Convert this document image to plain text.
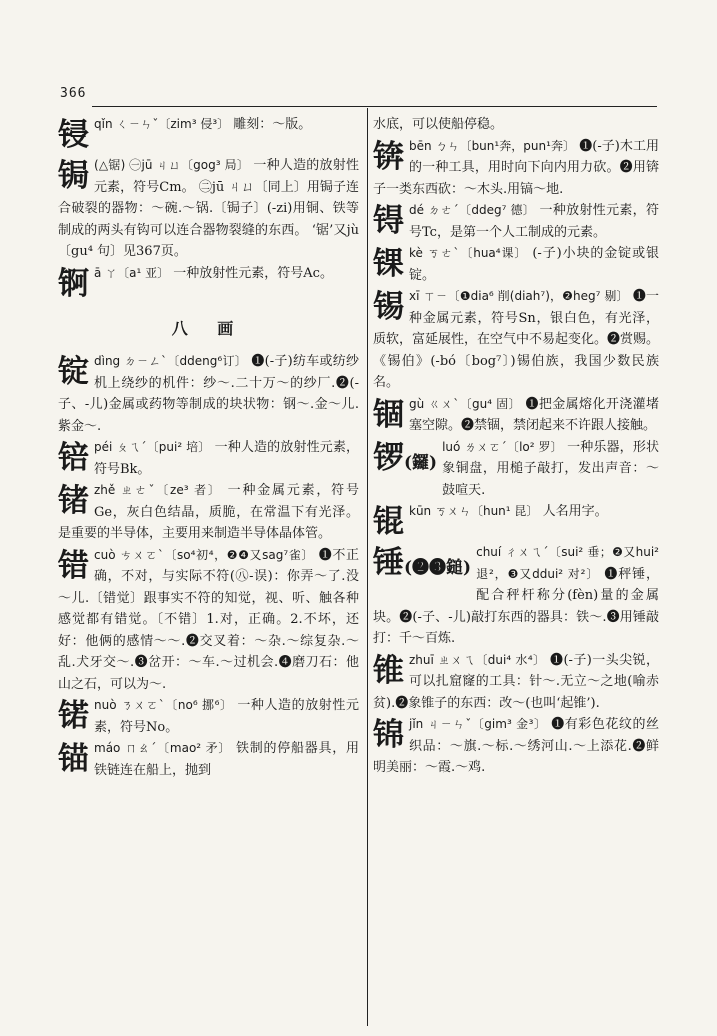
366
锓 qǐn ㄑㄧㄣˇ〔zim³ 侵³〕 雕刻：～版。
锔 (△锯) ㊀jū ㄐㄩ〔gog³ 局〕 一种人造的放射性元素，符号Cm。 ㊁jū ㄐㄩ〔同上〕用锔子连合破裂的器物：～碗.～锅.〔锔子〕(-zi)用铜、铁等制成的两头有钩可以连合器物裂缝的东西。 ‘锯’又jù〔gu⁴ 句〕见367页。
锕 ā ㄚ〔a¹ 亚〕 一种放射性元素，符号Ac。
八 画
锭 dìng ㄉㄧㄥˋ〔ddeng⁶订〕 ❶(-子)纺车或纺纱机上绕纱的机件：纱～.二十万～的纱厂.❷(-子、-儿)金属或药物等制成的块状物：钢～.金～儿.紫金～.
锫 péi ㄆㄟˊ〔pui² 培〕 一种人造的放射性元素，符号Bk。
锗 zhě ㄓㄜˇ〔ze³ 者〕 一种金属元素，符号Ge，灰白色结晶，质脆，在常温下有光泽。是重要的半导体，主要用来制造半导体晶体管。
错 cuò ㄘㄨㄛˋ〔so⁴初⁴，❷❹又sag⁷雀〕 ❶不正确，不对，与实际不符(㊇-误)：你弄～了.没～儿.〔错觉〕跟事实不符的知觉，视、听、触各种感觉都有错觉。〔不错〕1.对，正确。2.不坏，还好：他俩的感情～～.❷交叉着：～杂.～综复杂.～乱.犬牙交～.❸岔开：～车.～过机会.❹磨刀石：他山之石，可以为～.
锘 nuò ㄋㄨㄛˋ〔no⁶ 挪⁶〕 一种人造的放射性元素，符号No。
锚 máo ㄇㄠˊ〔mao² 矛〕 铁制的停船器具，用铁链连在船上，抛到

水底，可以使船停稳。

锛 bēn ㄅㄣ〔bun¹奔，pun¹奔〕 ❶(-子)木工用的一种工具，用时向下向内用力砍。❷用锛子一类东西砍：～木头.用镐～地.
锝 dé ㄉㄜˊ〔ddeg⁷ 德〕 一种放射性元素，符号Tc，是第一个人工制成的元素。
锞 kè ㄎㄜˋ〔hua⁴课〕 (-子)小块的金锭或银锭。
锡 xī ㄒㄧ〔❶dia⁶ 削(diah⁷)，❷heg⁷ 剔〕 ❶一种金属元素，符号Sn，银白色，有光泽，质软，富延展性，在空气中不易起变化。❷赏赐。《锡伯》(-bó〔bog⁷〕)锡伯族，我国少数民族名。
锢 gù ㄍㄨˋ〔gu⁴ 固〕 ❶把金属熔化开浇灌堵塞空隙。❷禁锢，禁闭起来不许跟人接触。
锣(鑼)
luó ㄌㄨㄛˊ〔lo² 罗〕 一种乐器，形状象铜盘，用槌子敲打，发出声音：～鼓喧天.
锟 kūn ㄎㄨㄣ〔hun¹ 昆〕 人名用字。
锤(❷❸鎚)
chuí ㄔㄨㄟˊ〔sui² 垂；❷又hui² 退²，❸又ddui² 对²〕 ❶秤锤，配合秤杆称分(fèn)量的金属块。❷(-子、-儿)敲打东西的器具：铁～.❸用锤敲打：千～百炼.
锥 zhuī ㄓㄨㄟ〔dui⁴ 水⁴〕 ❶(-子)一头尖锐，可以扎窟窿的工具：针～.无立～之地(喻赤贫).❷象锥子的东西：改～(也叫‘起锥’).
锦 jǐn ㄐㄧㄣˇ〔gim³ 金³〕 ❶有彩色花纹的丝织品：～旗.～标.～绣河山.～上添花.❷鲜明美丽：～霞.～鸡.
